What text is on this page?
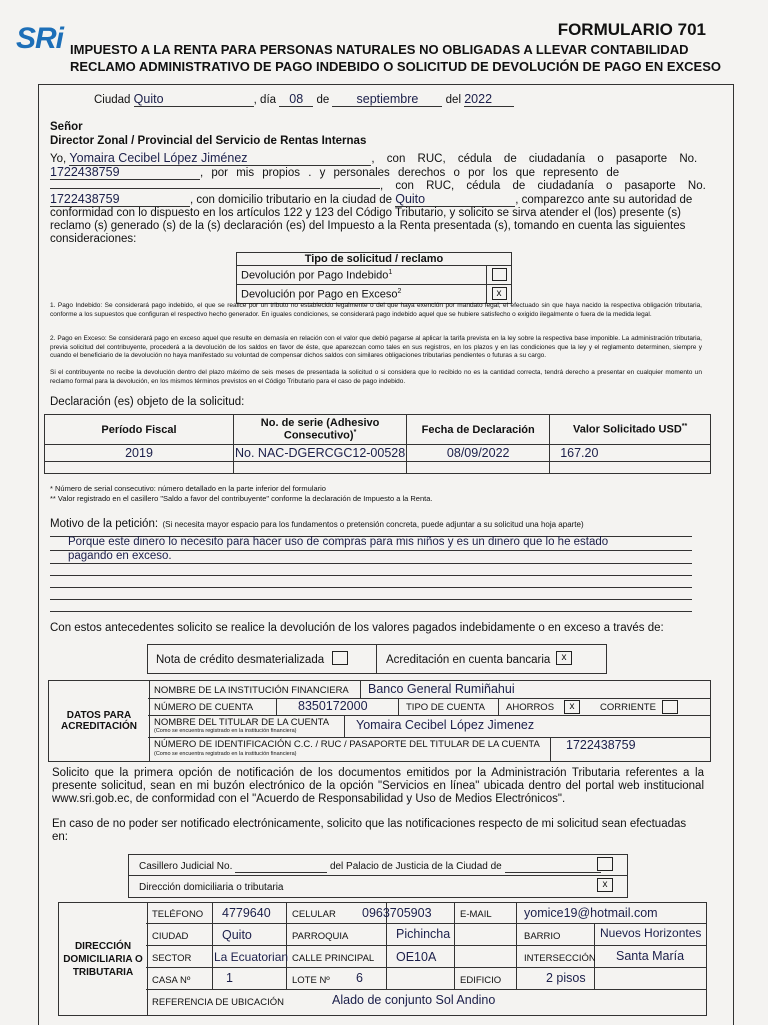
SRi	FORMULARIO 701
IMPUESTO A LA RENTA PARA PERSONAS NATURALES NO OBLIGADAS A LLEVAR CONTABILIDAD
RECLAMO ADMINISTRATIVO DE PAGO INDEBIDO O SOLICITUD DE DEVOLUCIÓN DE PAGO EN EXCESO
Ciudad Quito	, día 08 de septiembre del 2022
Señor
Director Zonal / Provincial del Servicio de Rentas Internas
Yo, Yomaira Cecibel López Jiménez	, con RUC, cédula de ciudadanía o pasaporte No.
1722438759	, por mis propios . y personales derechos o por los que represento de
, con RUC, cédula de ciudadanía o pasaporte No.
1722438759	, con domicilio tributario en la ciudad de Quito	, comparezco ante su autoridad de
conformidad con lo dispuesto en los artículos 122 y 123 del Código Tributario, y solicito se sirva atender el (los) presente (s)
reclamo (s) generado (s) de la (s) declaración (es) del Impuesto a la Renta presentada (s), tomando en cuenta las siguientes
consideraciones:
Tipo de solicitud / reclamo	
Devolución por Pago Indebido$^1$	
Devolución por Pago en Exceso$^2$	x
1. Pago Indebido: Se considerará pago indebido, el que se realice por un tributo no establecido legalmente o del que haya exención por mandato legal; el efectuado sin que haya nacido la respectiva obligación tributaria, conforme a los supuestos que configuran el respectivo hecho generador. En iguales condiciones, se considerará pago indebido aquel que se hubiere satisfecho o exigido ilegalmente o fuera de la medida legal.
2. Pago en Exceso: Se considerará pago en exceso aquel que resulte en demasía en relación con el valor que debió pagarse al aplicar la tarifa prevista en la ley sobre la respectiva base imponible. La administración tributaria, previa solicitud del contribuyente, procederá a la devolución de los saldos en favor de éste, que aparezcan como tales en sus registros, en los plazos y en las condiciones que la ley y el reglamento determinen, siempre y cuando el beneficiario de la devolución no haya manifestado su voluntad de compensar dichos saldos con similares obligaciones tributarias pendientes o futuras a su cargo.
Si el contribuyente no recibe la devolución dentro del plazo máximo de seis meses de presentada la solicitud o si considera que lo recibido no es la cantidad correcta, tendrá derecho a presentar en cualquier momento un reclamo formal para la devolución, en los mismos términos previstos en el Código Tributario para el caso de pago indebido.
Declaración (es) objeto de la solicitud:
Período Fiscal	No. de serie (Adhesivo Consecutivo)*	Fecha de Declaración	Valor Solicitado USD**
2019	No. NAC-DGERCGC12-00528	08/09/2022	167.20

* Número de serial consecutivo: número detallado en la parte inferior del formulario
** Valor registrado en el casillero "Saldo a favor del contribuyente" conforme la declaración de Impuesto a la Renta.
Motivo de la petición: (Si necesita mayor espacio para los fundamentos o pretensión concreta, puede adjuntar a su solicitud una hoja aparte)
Porque este dinero lo necesito para hacer uso de compras para mis niños y es un dinero que lo he estado
pagando en exceso.
Con estos antecedentes solicito se realice la devolución de los valores pagados indebidamente o en exceso a través de:
Nota de crédito desmaterializada	Acreditación en cuenta bancaria	x
DATOS PARA ACREDITACIÓN
NOMBRE DE LA INSTITUCIÓN FINANCIERA Banco General Rumiñahui
NÚMERO DE CUENTA	8350172000	TIPO DE CUENTA AHORROS	x	CORRIENTE
NOMBRE DEL TITULAR DE LA CUENTA
(Como se encuentra registrado en la institución financiera)	Yomaira Cecibel López Jimenez
NÚMERO DE IDENTIFICACIÓN C.C. / RUC / PASAPORTE DEL TITULAR DE LA CUENTA
(Como se encuentra registrado en la institución financiera)
1722438759
Solicito que la primera opción de notificación de los documentos emitidos por la Administración Tributaria referentes a la presente solicitud, sean en mi buzón electrónico de la opción "Servicios en línea" ubicada dentro del portal web institucional www.sri.gob.ec, de conformidad con el "Acuerdo de Responsabilidad y Uso de Medios Electrónicos".
En caso de no poder ser notificado electrónicamente, solicito que las notificaciones respecto de mi solicitud sean efectuadas en:
Casillero Judicial No.	del Palacio de Justicia de la Ciudad de
Dirección domiciliaria o tributaria	x
DIRECCIÓN DOMICILIARIA O TRIBUTARIA
TELÉFONO 4779640 CELULAR 0963705903	E-MAIL	yomice19@hotmail.com
CIUDAD	Quito	PARROQUIA	Pichincha	BARRIO	Nuevos Horizontes
SECTOR La Ecuatorian CALLE PRINCIPAL OE10A	INTERSECCIÓN Santa María
CASA Nº	1	LOTE Nº 6	EDIFICIO	2 pisos
REFERENCIA DE UBICACIÓN	Alado de conjunto Sol Andino
